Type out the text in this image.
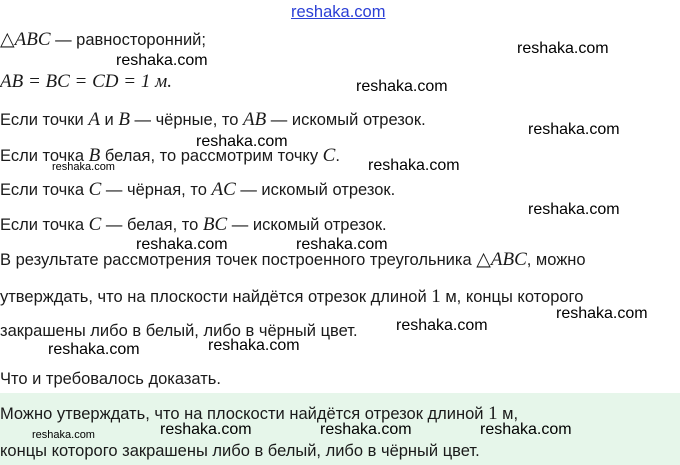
reshaka.com
△ABC — равносторонний;
AB = BC = CD = 1 м.
Если точки A и B — чёрные, то AB — искомый отрезок.
Если точка B белая, то рассмотрим точку C.
Если точка C — чёрная, то AC — искомый отрезок.
Если точка C — белая, то BC — искомый отрезок.
В результате рассмотрения точек построенного треугольника △ABC, можно
утверждать, что на плоскости найдётся отрезок длиной 1 м, концы которого
закрашены либо в белый, либо в чёрный цвет.
Что и требовалось доказать.
Можно утверждать, что на плоскости найдётся отрезок длиной 1 м,
концы которого закрашены либо в белый, либо в чёрный цвет.
reshaka.com
reshaka.com
reshaka.com
reshaka.com
reshaka.com
reshaka.com	reshaka.com
reshaka.com
reshaka.com	reshaka.com
reshaka.com
reshaka.com
reshaka.com
reshaka.com
reshaka.com	reshaka.com	reshaka.com
reshaka.com
